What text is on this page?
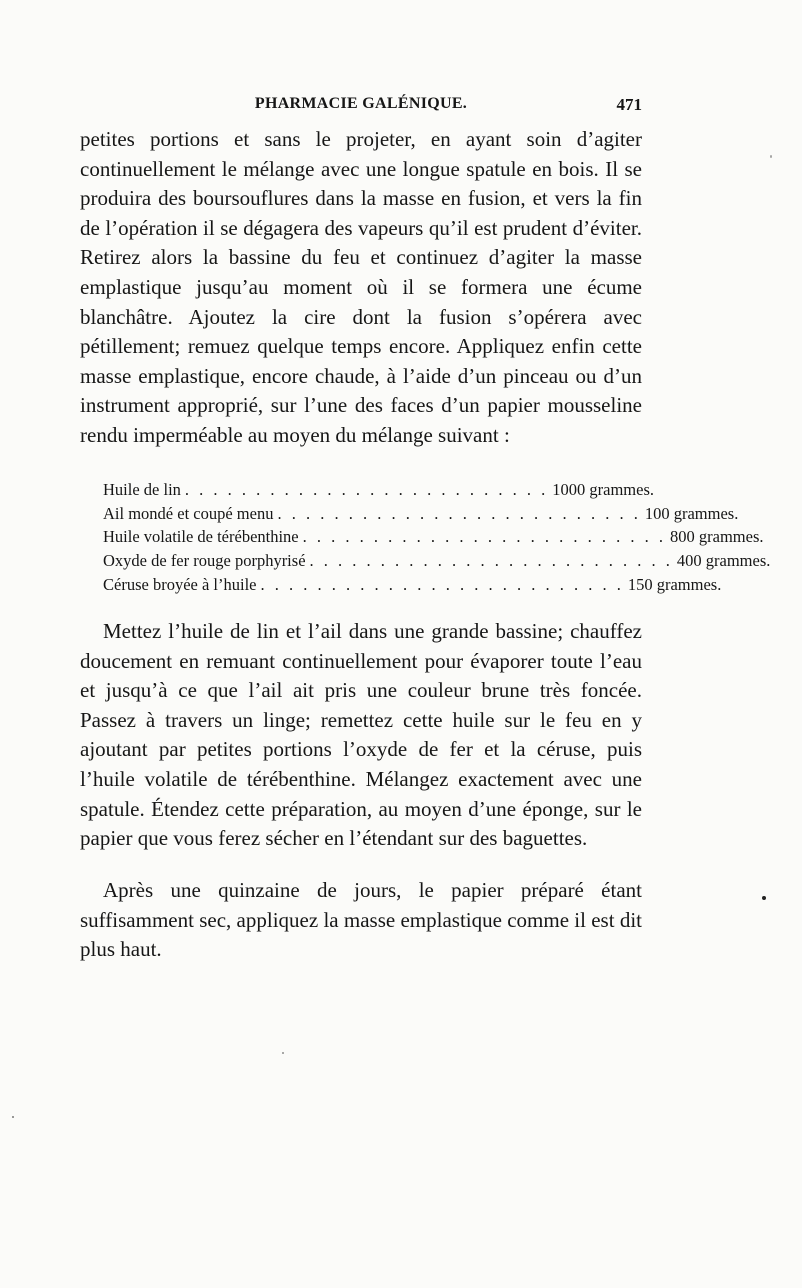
PHARMACIE GALÉNIQUE.	471

petites portions et sans le projeter, en ayant soin d’agiter continuellement le mélange avec une longue spatule en bois. Il se produira des boursouflures dans la masse en fusion, et vers la fin de l’opération il se dégagera des vapeurs qu’il est prudent d’éviter. Retirez alors la bassine du feu et continuez d’agiter la masse emplastique jusqu’au moment où il se formera une écume blanchâtre. Ajoutez la cire dont la fusion s’opérera avec pétillement; remuez quelque temps encore. Appliquez enfin cette masse emplastique, encore chaude, à l’aide d’un pinceau ou d’un instrument approprié, sur l’une des faces d’un papier mousseline rendu imperméable au moyen du mélange suivant :

Huile de lin . . . . . . . . . . . . . . . . . . . . . . . . . . 1000 grammes.
Ail mondé et coupé menu . . . . . . . . . . . . . . . . . . . . . . . . . . 100 grammes.
Huile volatile de térébenthine . . . . . . . . . . . . . . . . . . . . . . . . . . 800 grammes.
Oxyde de fer rouge porphyrisé . . . . . . . . . . . . . . . . . . . . . . . . . . 400 grammes.
Céruse broyée à l’huile . . . . . . . . . . . . . . . . . . . . . . . . . . 150 grammes.

Mettez l’huile de lin et l’ail dans une grande bassine; chauffez doucement en remuant continuellement pour évaporer toute l’eau et jusqu’à ce que l’ail ait pris une couleur brune très foncée. Passez à travers un linge; remettez cette huile sur le feu en y ajoutant par petites portions l’oxyde de fer et la céruse, puis l’huile volatile de térébenthine. Mélangez exactement avec une spatule. Étendez cette préparation, au moyen d’une éponge, sur le papier que vous ferez sécher en l’étendant sur des baguettes.

Après une quinzaine de jours, le papier préparé étant suffisamment sec, appliquez la masse emplastique comme il est dit plus haut.
